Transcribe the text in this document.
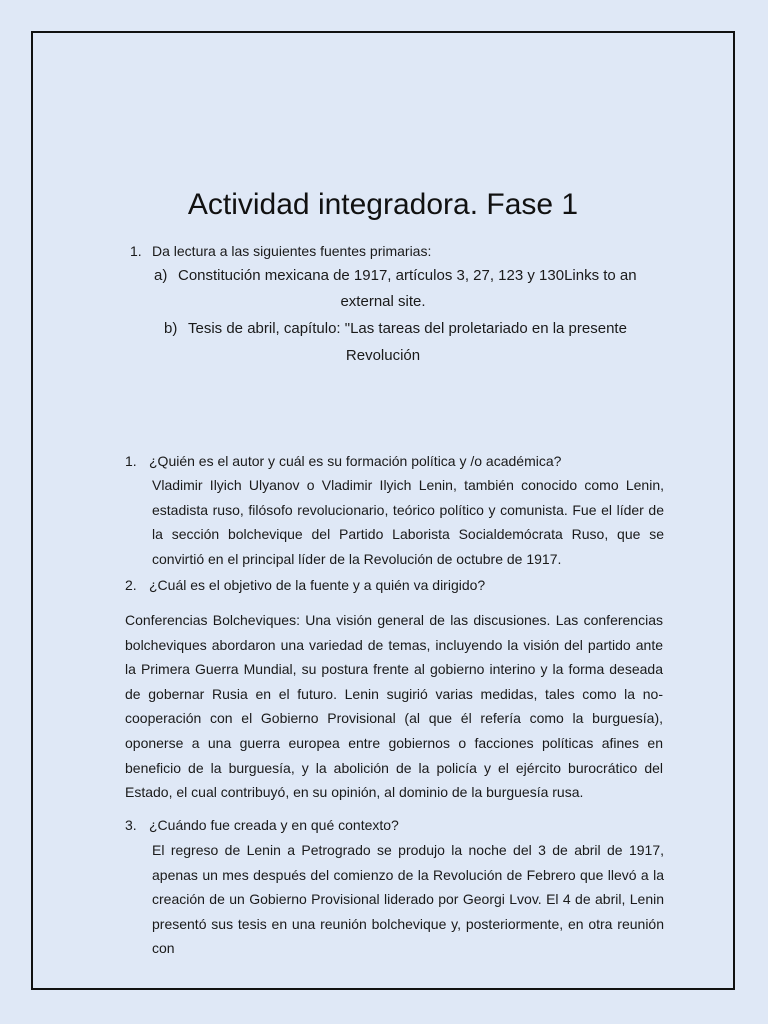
Actividad integradora. Fase 1
1. Da lectura a las siguientes fuentes primarias:
a) Constitución mexicana de 1917, artículos 3, 27, 123 y 130Links to an
external site.
b) Tesis de abril, capítulo: "Las tareas del proletariado en la presente
Revolución
1. ¿Quién es el autor y cuál es su formación política y /o académica?

Vladimir Ilyich Ulyanov o Vladimir Ilyich Lenin, también conocido como Lenin, estadista ruso, filósofo revolucionario, teórico político y comunista. Fue el líder de la sección bolchevique del Partido Laborista Socialdemócrata Ruso, que se convirtió en el principal líder de la Revolución de octubre de 1917.

2. ¿Cuál es el objetivo de la fuente y a quién va dirigido?

Conferencias Bolcheviques: Una visión general de las discusiones. Las conferencias bolcheviques abordaron una variedad de temas, incluyendo la visión del partido ante la Primera Guerra Mundial, su postura frente al gobierno interino y la forma deseada de gobernar Rusia en el futuro. Lenin sugirió varias medidas, tales como la no-cooperación con el Gobierno Provisional (al que él refería como la burguesía), oponerse a una guerra europea entre gobiernos o facciones políticas afines en beneficio de la burguesía, y la abolición de la policía y el ejército burocrático del Estado, el cual contribuyó, en su opinión, al dominio de la burguesía rusa.

3. ¿Cuándo fue creada y en qué contexto?

El regreso de Lenin a Petrogrado se produjo la noche del 3 de abril de 1917, apenas un mes después del comienzo de la Revolución de Febrero que llevó a la creación de un Gobierno Provisional liderado por Georgi Lvov. El 4 de abril, Lenin presentó sus tesis en una reunión bolchevique y, posteriormente, en otra reunión con
